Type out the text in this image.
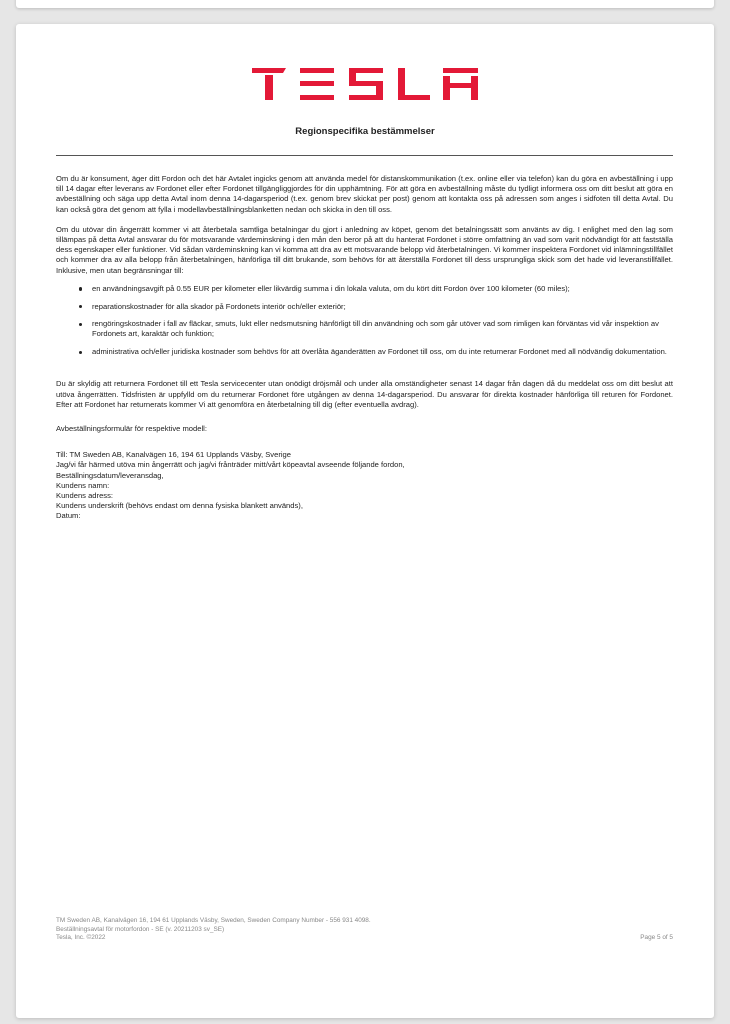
Regionspecifika bestämmelser

Om du är konsument, äger ditt Fordon och det här Avtalet ingicks genom att använda medel för distanskommunikation (t.ex. online eller via telefon) kan du göra en avbeställning i upp till 14 dagar efter leverans av Fordonet eller efter Fordonet tillgängliggjordes för din upphämtning. För att göra en avbeställning måste du tydligt informera oss om ditt beslut att göra en avbeställning och säga upp detta Avtal inom denna 14-dagarsperiod (t.ex. genom brev skickat per post) genom att kontakta oss på adressen som anges i sidfoten till detta Avtal. Du kan också göra det genom att fylla i modellavbeställningsblanketten nedan och skicka in den till oss.

Om du utövar din ångerrätt kommer vi att återbetala samtliga betalningar du gjort i anledning av köpet, genom det betalningssätt som använts av dig. I enlighet med den lag som tillämpas på detta Avtal ansvarar du för motsvarande värdeminskning i den mån den beror på att du hanterat Fordonet i större omfattning än vad som varit nödvändigt för att fastställa dess egenskaper eller funktioner. Vid sådan värdeminskning kan vi komma att dra av ett motsvarande belopp vid återbetalningen. Vi kommer inspektera Fordonet vid inlämningstillfället och kommer dra av alla belopp från återbetalningen, hänförliga till ditt brukande, som behövs för att återställa Fordonet till dess ursprungliga skick som det hade vid leveranstillfället. Inklusive, men utan begränsningar till:

en användningsavgift på 0.55 EUR per kilometer eller likvärdig summa i din lokala valuta, om du kört ditt Fordon över 100 kilometer (60 miles);
reparationskostnader för alla skador på Fordonets interiör och/eller exteriör;
rengöringskostnader i fall av fläckar, smuts, lukt eller nedsmutsning hänförligt till din användning och som går utöver vad som rimligen kan förväntas vid vår inspektion av Fordonets art, karaktär och funktion;
administrativa och/eller juridiska kostnader som behövs för att överlåta äganderätten av Fordonet till oss, om du inte returnerar Fordonet med all nödvändig dokumentation.

Du är skyldig att returnera Fordonet till ett Tesla servicecenter utan onödigt dröjsmål och under alla omständigheter senast 14 dagar från dagen då du meddelat oss om ditt beslut att utöva ångerrätten. Tidsfristen är uppfylld om du returnerar Fordonet före utgången av denna 14-dagarsperiod. Du ansvarar för direkta kostnader hänförliga till returen för Fordonet. Efter att Fordonet har returnerats kommer Vi att genomföra en återbetalning till dig (efter eventuella avdrag).

Avbeställningsformulär för respektive modell:

Till: TM Sweden AB, Kanalvägen 16, 194 61 Upplands Väsby, Sverige
Jag/vi får härmed utöva min ångerrätt och jag/vi frånträder mitt/vårt köpeavtal avseende följande fordon,
Beställningsdatum/leveransdag,
Kundens namn:
Kundens adress:
Kundens underskrift (behövs endast om denna fysiska blankett används),
Datum:
TM Sweden AB, Kanalvägen 16, 194 61 Upplands Väsby, Sweden, Sweden Company Number - 556 931 4098.
Beställningsavtal för motorfordon - SE (v. 20211203 sv_SE)
Tesla, Inc. ©2022	Page 5 of 5
